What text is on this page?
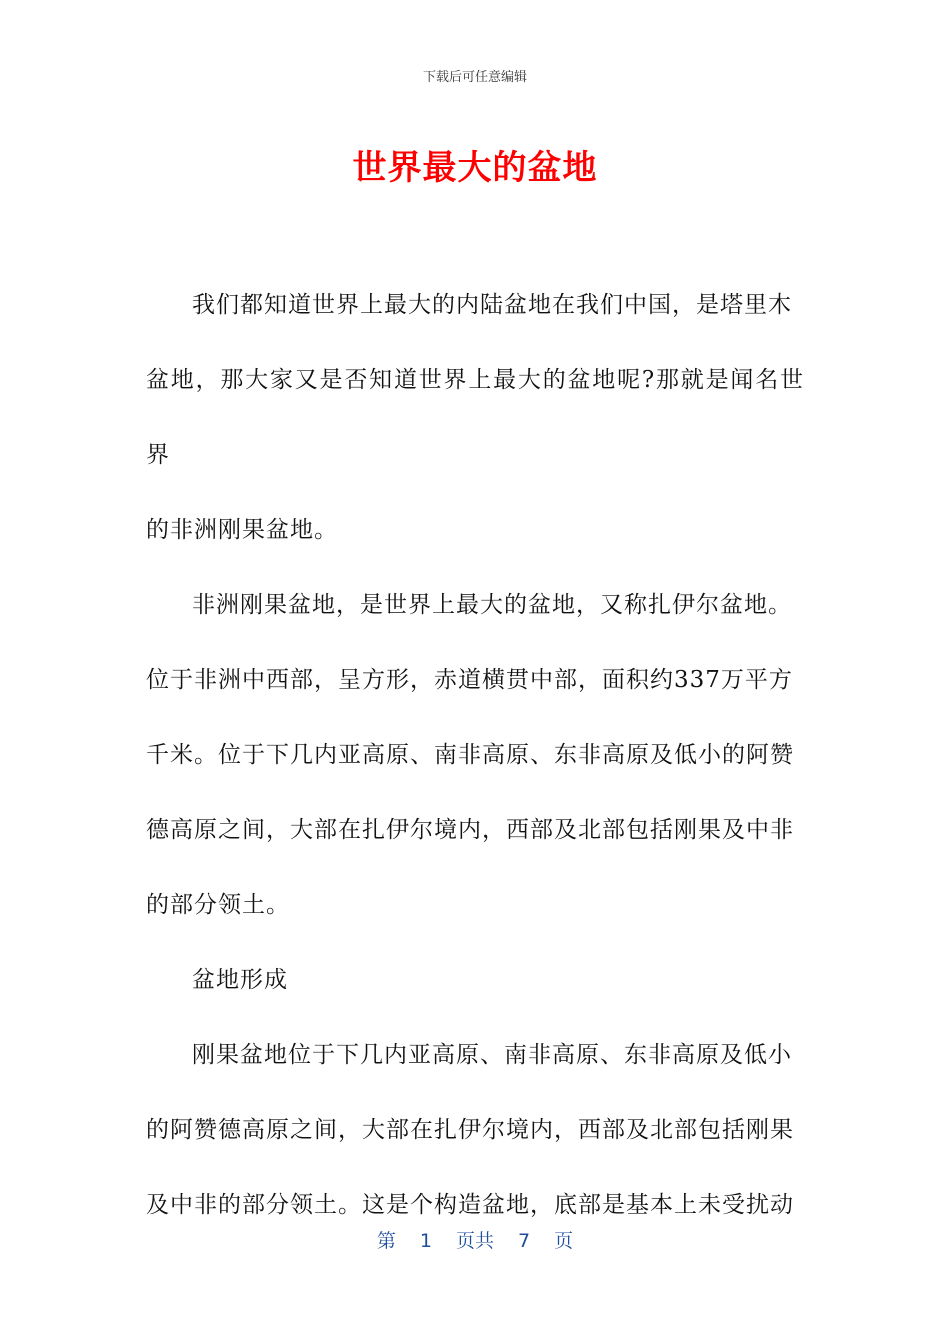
下载后可任意编辑
世界最大的盆地

我们都知道世界上最大的内陆盆地在我们中国，是塔里木
盆地，那大家又是否知道世界上最大的盆地呢?那就是闻名世界
的非洲刚果盆地。

非洲刚果盆地，是世界上最大的盆地，又称扎伊尔盆地。
位于非洲中西部，呈方形，赤道横贯中部，面积约337万平方
千米。位于下几内亚高原、南非高原、东非高原及低小的阿赞
德高原之间，大部在扎伊尔境内，西部及北部包括刚果及中非
的部分领土。

盆地形成

刚果盆地位于下几内亚高原、南非高原、东非高原及低小
的阿赞德高原之间，大部在扎伊尔境内，西部及北部包括刚果
及中非的部分领土。这是个构造盆地，底部是基本上未受扰动

第 1 页共 7 页
